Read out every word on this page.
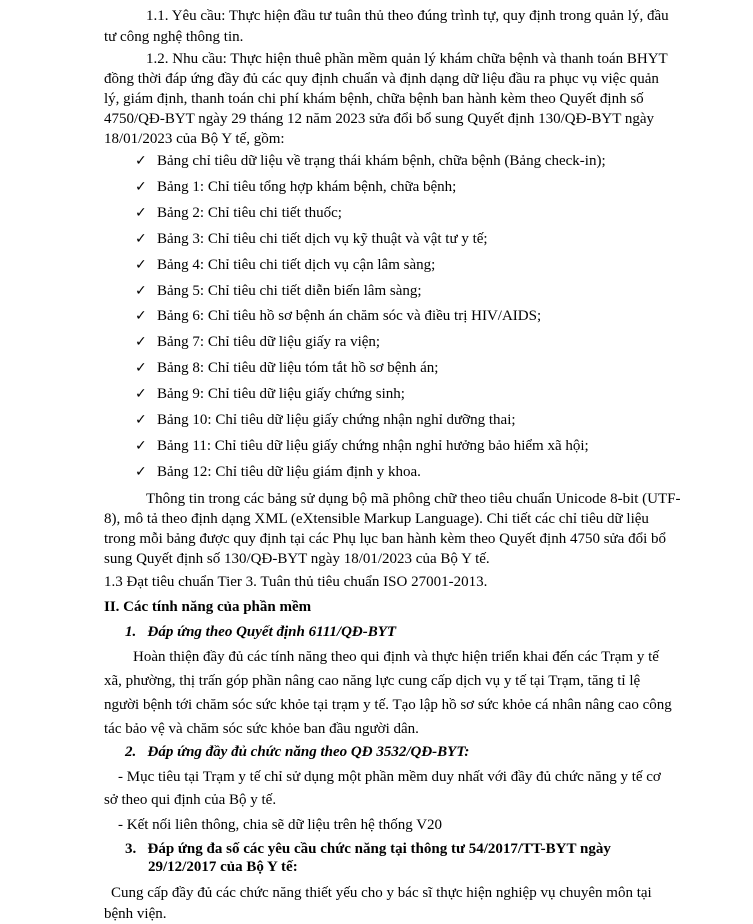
1.1. Yêu cầu: Thực hiện đầu tư tuân thủ theo đúng trình tự, quy định trong quản lý, đầu
tư công nghệ thông tin.
1.2. Nhu cầu: Thực hiện thuê phần mềm quản lý khám chữa bệnh và thanh toán BHYT
đồng thời đáp ứng đầy đủ các quy định chuẩn và định dạng dữ liệu đầu ra phục vụ việc quản
lý, giám định, thanh toán chi phí khám bệnh, chữa bệnh ban hành kèm theo Quyết định số
4750/QĐ-BYT ngày 29 tháng 12 năm 2023 sửa đổi bổ sung Quyết định 130/QĐ-BYT ngày
18/01/2023 của Bộ Y tế, gồm:
✓ Bảng chỉ tiêu dữ liệu về trạng thái khám bệnh, chữa bệnh (Bảng check-in);
✓ Bảng 1: Chỉ tiêu tổng hợp khám bệnh, chữa bệnh;
✓ Bảng 2: Chỉ tiêu chi tiết thuốc;
✓ Bảng 3: Chỉ tiêu chi tiết dịch vụ kỹ thuật và vật tư y tế;
✓ Bảng 4: Chỉ tiêu chi tiết dịch vụ cận lâm sàng;
✓ Bảng 5: Chỉ tiêu chi tiết diễn biến lâm sàng;
✓ Bảng 6: Chỉ tiêu hồ sơ bệnh án chăm sóc và điều trị HIV/AIDS;
✓ Bảng 7: Chỉ tiêu dữ liệu giấy ra viện;
✓ Bảng 8: Chỉ tiêu dữ liệu tóm tắt hồ sơ bệnh án;
✓ Bảng 9: Chỉ tiêu dữ liệu giấy chứng sinh;
✓ Bảng 10: Chỉ tiêu dữ liệu giấy chứng nhận nghỉ dưỡng thai;
✓ Bảng 11: Chỉ tiêu dữ liệu giấy chứng nhận nghỉ hưởng bảo hiểm xã hội;
✓ Bảng 12: Chỉ tiêu dữ liệu giám định y khoa.
Thông tin trong các bảng sử dụng bộ mã phông chữ theo tiêu chuẩn Unicode 8-bit (UTF-
8), mô tả theo định dạng XML (eXtensible Markup Language). Chi tiết các chỉ tiêu dữ liệu
trong mỗi bảng được quy định tại các Phụ lục ban hành kèm theo Quyết định 4750 sửa đổi bổ
sung Quyết định số 130/QĐ-BYT ngày 18/01/2023 của Bộ Y tế.
1.3 Đạt tiêu chuẩn Tier 3. Tuân thủ tiêu chuẩn ISO 27001-2013.
II. Các tính năng của phần mềm
1.   Đáp ứng theo Quyết định 6111/QĐ-BYT
Hoàn thiện đầy đủ các tính năng theo qui định và thực hiện triển khai đến các Trạm y tế
xã, phường, thị trấn góp phần nâng cao năng lực cung cấp dịch vụ y tế tại Trạm, tăng tỉ lệ
người bệnh tới chăm sóc sức khỏe tại trạm y tế. Tạo lập hồ sơ sức khỏe cá nhân nâng cao công
tác bảo vệ và chăm sóc sức khỏe ban đầu người dân.
2.   Đáp ứng đầy đủ chức năng theo QĐ 3532/QĐ-BYT:
- Mục tiêu tại Trạm y tế chỉ sử dụng một phần mềm duy nhất với đầy đủ chức năng y tế cơ
sở theo qui định của Bộ y tế.
- Kết nối liên thông, chia sẽ dữ liệu trên hệ thống V20
3.   Đáp ứng đa số các yêu cầu chức năng tại thông tư 54/2017/TT-BYT ngày
29/12/2017 của Bộ Y tế:
Cung cấp đầy đủ các chức năng thiết yếu cho y bác sĩ thực hiện nghiệp vụ chuyên môn tại
bệnh viện.
